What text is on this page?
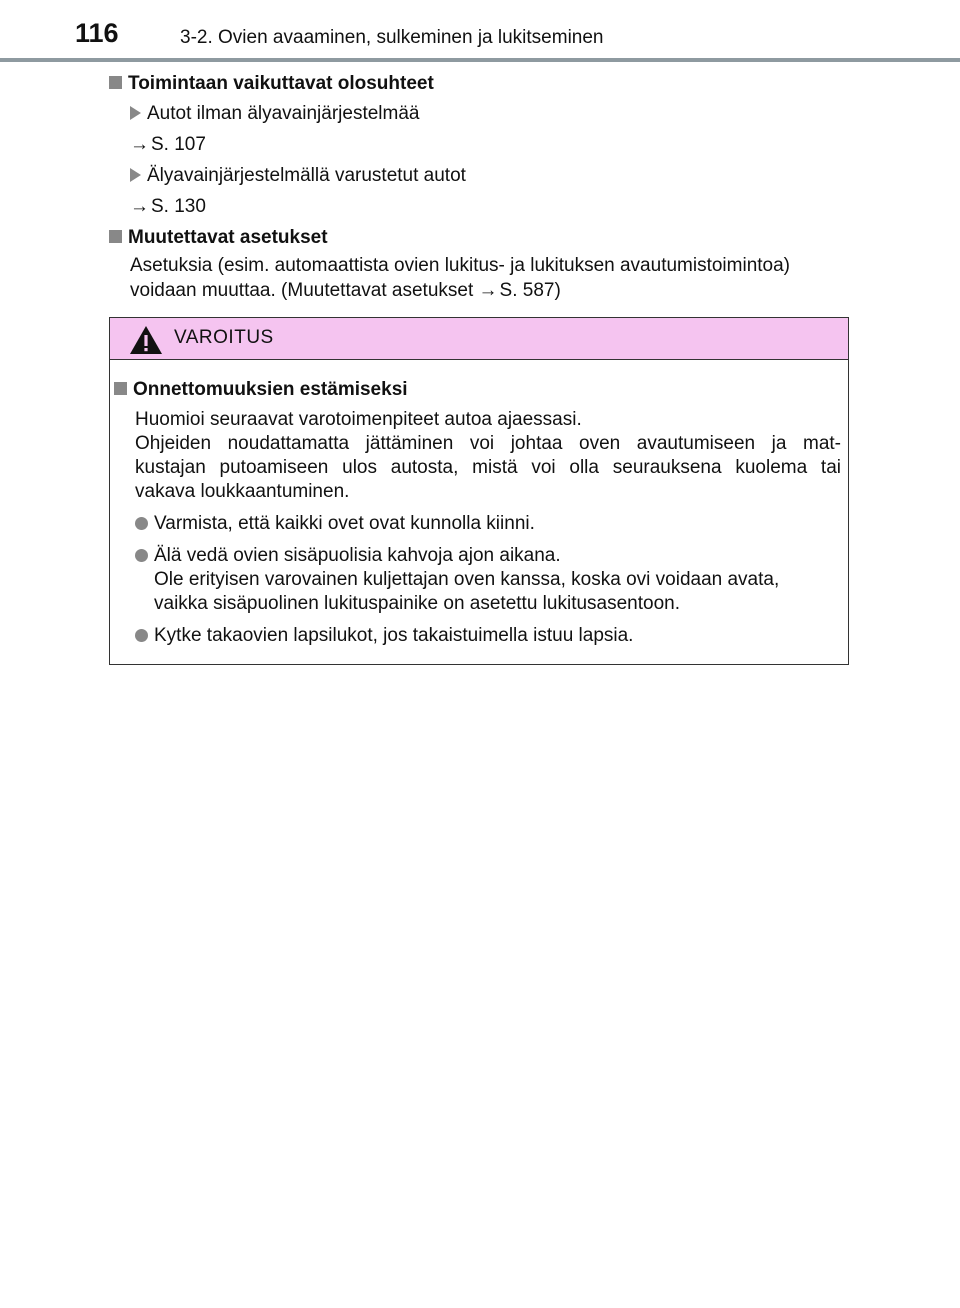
116	3-2. Ovien avaaminen, sulkeminen ja lukitseminen
Toimintaan vaikuttavat olosuhteet
Autot ilman älyavainjärjestelmää
→ S. 107
Älyavainjärjestelmällä varustetut autot
→ S. 130
Muutettavat asetukset
Asetuksia (esim. automaattista ovien lukitus- ja lukituksen avautumistoimintoa)
voidaan muuttaa. (Muutettavat asetukset → S. 587)
VAROITUS
Onnettomuuksien estämiseksi
Huomioi seuraavat varotoimenpiteet autoa ajaessasi.
Ohjeiden noudattamatta jättäminen voi johtaa oven avautumiseen ja mat-
kustajan putoamiseen ulos autosta, mistä voi olla seurauksena kuolema tai
vakava loukkaantuminen.
Varmista, että kaikki ovet ovat kunnolla kiinni.
Älä vedä ovien sisäpuolisia kahvoja ajon aikana.
Ole erityisen varovainen kuljettajan oven kanssa, koska ovi voidaan avata,
vaikka sisäpuolinen lukituspainike on asetettu lukitusasentoon.
Kytke takaovien lapsilukot, jos takaistuimella istuu lapsia.
